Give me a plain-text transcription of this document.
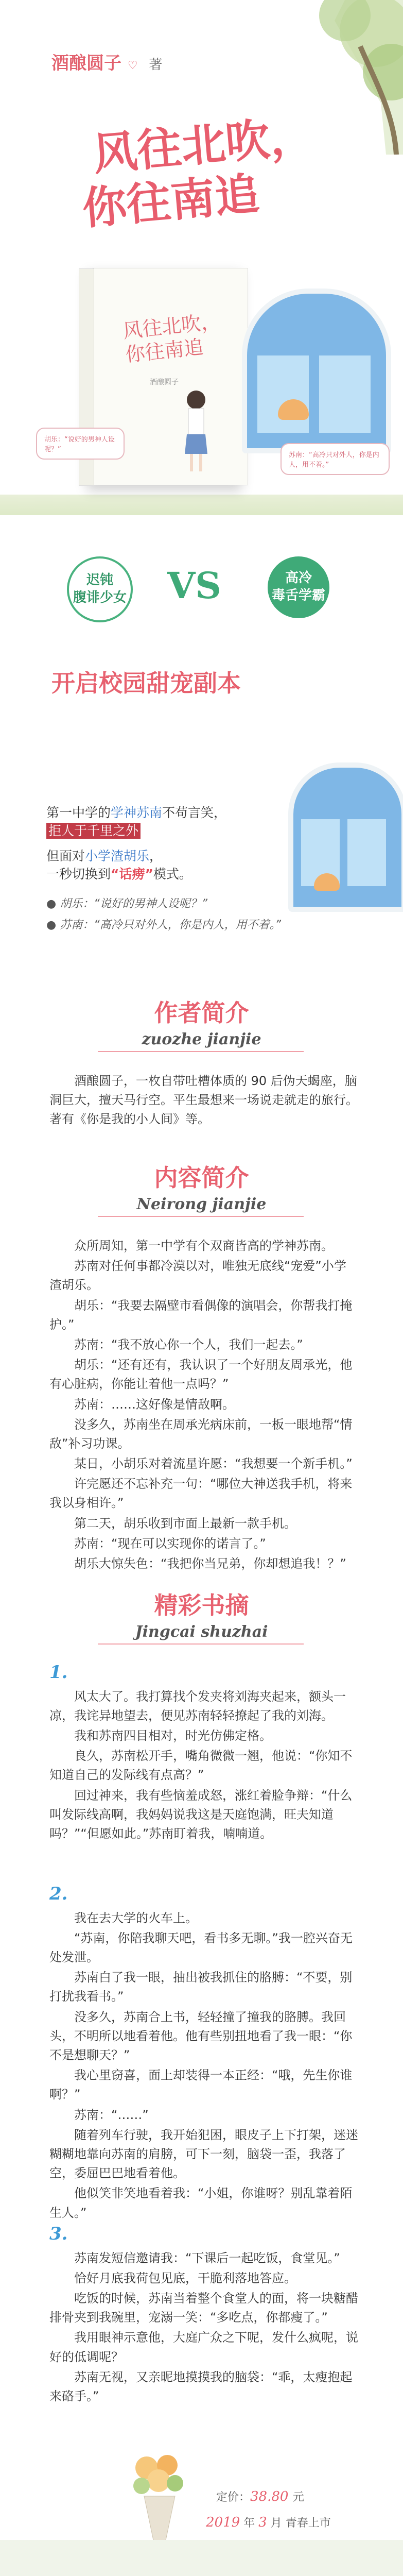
酒酿圆子 ♡ 著
风往北吹，
你往南追
风往北吹，
你往南追
酒酿圆子
胡乐：“说好的男神人设呢？”
苏南：“高冷只对外人，你是内人，用不着。”
迟钝
腹诽少女 VS	高冷
毒舌学霸
开启校园甜宠副本
第一中学的学神苏南不苟言笑，
拒人于千里之外
但面对小学渣胡乐，
一秒切换到“话痨”模式。
● 胡乐：“说好的男神人设呢？”
● 苏南：“高冷只对外人，你是内人，用不着。”
作者简介
zuozhe jianjie

酒酿圆子，一枚自带吐槽体质的 90 后伪天蝎座，脑洞巨大，擅天马行空。平生最想来一场说走就走的旅行。著有《你是我的小人间》等。

内容简介
Neirong jianjie

众所周知，第一中学有个双商皆高的学神苏南。

苏南对任何事都冷漠以对，唯独无底线“宠爱”小学渣胡乐。

胡乐：“我要去隔壁市看偶像的演唱会，你帮我打掩护。”

苏南：“我不放心你一个人，我们一起去。”

胡乐：“还有还有，我认识了一个好朋友周承光，他有心脏病，你能让着他一点吗？”

苏南：……这好像是情敌啊。

没多久，苏南坐在周承光病床前，一板一眼地帮“情敌”补习功课。

某日，小胡乐对着流星许愿：“我想要一个新手机。”

许完愿还不忘补充一句：“哪位大神送我手机，将来我以身相许。”

第二天，胡乐收到市面上最新一款手机。

苏南：“现在可以实现你的诺言了。”

胡乐大惊失色：“我把你当兄弟，你却想追我！？”

精彩书摘
Jingcai shuzhai

1.

风太大了。我打算找个发夹将刘海夹起来，额头一凉，我诧异地望去，便见苏南轻轻撩起了我的刘海。

我和苏南四目相对，时光仿佛定格。

良久，苏南松开手，嘴角微微一翘，他说：“你知不知道自己的发际线有点高？”

回过神来，我有些恼羞成怒，涨红着脸争辩：“什么叫发际线高啊，我妈妈说我这是天庭饱满，旺夫知道吗？”“但愿如此。”苏南盯着我，喃喃道。

2.

我在去大学的火车上。

“苏南，你陪我聊天吧，看书多无聊。”我一腔兴奋无处发泄。

苏南白了我一眼，抽出被我抓住的胳膊：“不要，别打扰我看书。”

没多久，苏南合上书，轻轻撞了撞我的胳膊。我回头，不明所以地看着他。他有些别扭地看了我一眼：“你不是想聊天？”

我心里窃喜，面上却装得一本正经：“哦，先生你谁啊？”

苏南：“……”

随着列车行驶，我开始犯困，眼皮子上下打架，迷迷糊糊地靠向苏南的肩膀，可下一刻，脑袋一歪，我落了空，委屈巴巴地看着他。

他似笑非笑地看着我：“小姐，你谁呀？别乱靠着陌生人。”

3.

苏南发短信邀请我：“下课后一起吃饭，食堂见。”

恰好月底我荷包见底，干脆利落地答应。

吃饭的时候，苏南当着整个食堂人的面，将一块糖醋排骨夹到我碗里，宠溺一笑：“多吃点，你都瘦了。”

我用眼神示意他，大庭广众之下呢，发什么疯呢，说好的低调呢？

苏南无视，又亲昵地摸摸我的脑袋：“乖，太瘦抱起来硌手。”

定价：38.80 元
2019 年 3 月 青春上市
